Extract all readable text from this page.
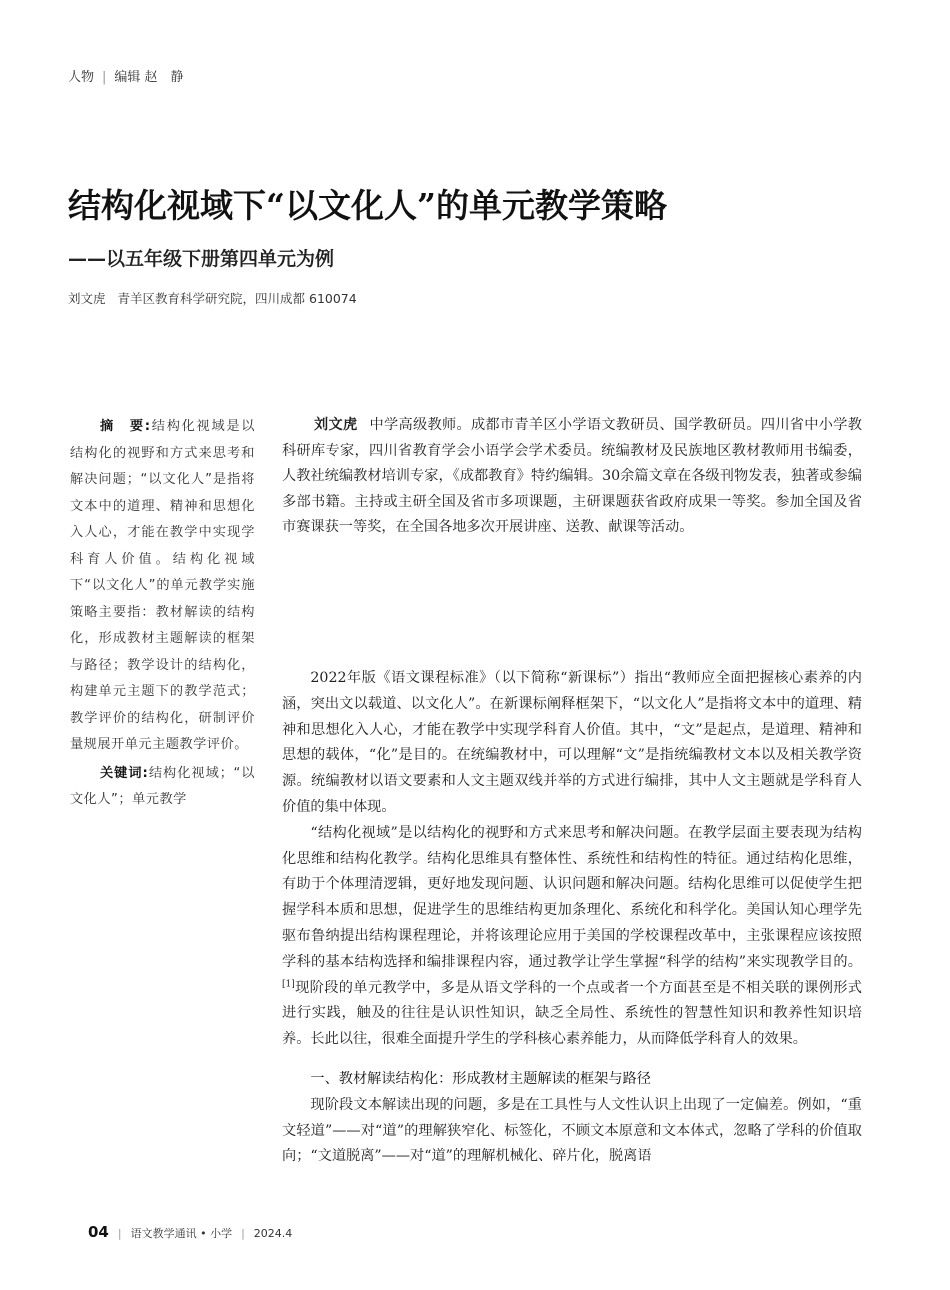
人物 | 编辑 赵　静
结构化视域下“以文化人”的单元教学策略
——以五年级下册第四单元为例
刘文虎 青羊区教育科学研究院，四川成都 610074
摘　要:结构化视域是以结构化的视野和方式来思考和解决问题；“以文化人”是指将文本中的道理、精神和思想化入人心，才能在教学中实现学科育人价值。结构化视域下“以文化人”的单元教学实施策略主要指：教材解读的结构化，形成教材主题解读的框架与路径；教学设计的结构化，构建单元主题下的教学范式；教学评价的结构化，研制评价量规展开单元主题教学评价。
关键词:结构化视域；“以文化人”；单元教学
刘文虎 中学高级教师。成都市青羊区小学语文教研员、国学教研员。四川省中小学教科研库专家，四川省教育学会小语学会学术委员。统编教材及民族地区教材教师用书编委，人教社统编教材培训专家，《成都教育》特约编辑。30余篇文章在各级刊物发表，独著或参编多部书籍。主持或主研全国及省市多项课题，主研课题获省政府成果一等奖。参加全国及省市赛课获一等奖，在全国各地多次开展讲座、送教、献课等活动。

2022年版《语文课程标准》（以下简称“新课标”）指出“教师应全面把握核心素养的内涵，突出文以载道、以文化人”。在新课标阐释框架下，“以文化人”是指将文本中的道理、精神和思想化入人心，才能在教学中实现学科育人价值。其中，“文”是起点，是道理、精神和思想的载体，“化”是目的。在统编教材中，可以理解“文”是指统编教材文本以及相关教学资源。统编教材以语文要素和人文主题双线并举的方式进行编排，其中人文主题就是学科育人价值的集中体现。

“结构化视域”是以结构化的视野和方式来思考和解决问题。在教学层面主要表现为结构化思维和结构化教学。结构化思维具有整体性、系统性和结构性的特征。通过结构化思维，有助于个体理清逻辑，更好地发现问题、认识问题和解决问题。结构化思维可以促使学生把握学科本质和思想，促进学生的思维结构更加条理化、系统化和科学化。美国认知心理学先驱布鲁纳提出结构课程理论，并将该理论应用于美国的学校课程改革中，主张课程应该按照学科的基本结构选择和编排课程内容，通过教学让学生掌握“科学的结构”来实现教学目的。[1]现阶段的单元教学中，多是从语文学科的一个点或者一个方面甚至是不相关联的课例形式进行实践，触及的往往是认识性知识，缺乏全局性、系统性的智慧性知识和教养性知识培养。长此以往，很难全面提升学生的学科核心素养能力，从而降低学科育人的效果。

一、教材解读结构化：形成教材主题解读的框架与路径

现阶段文本解读出现的问题，多是在工具性与人文性认识上出现了一定偏差。例如，“重文轻道”——对“道”的理解狭窄化、标签化，不顾文本原意和文本体式，忽略了学科的价值取向；“文道脱离”——对“道”的理解机械化、碎片化，脱离语

04 | 语文教学通讯 • 小学 | 2024.4
